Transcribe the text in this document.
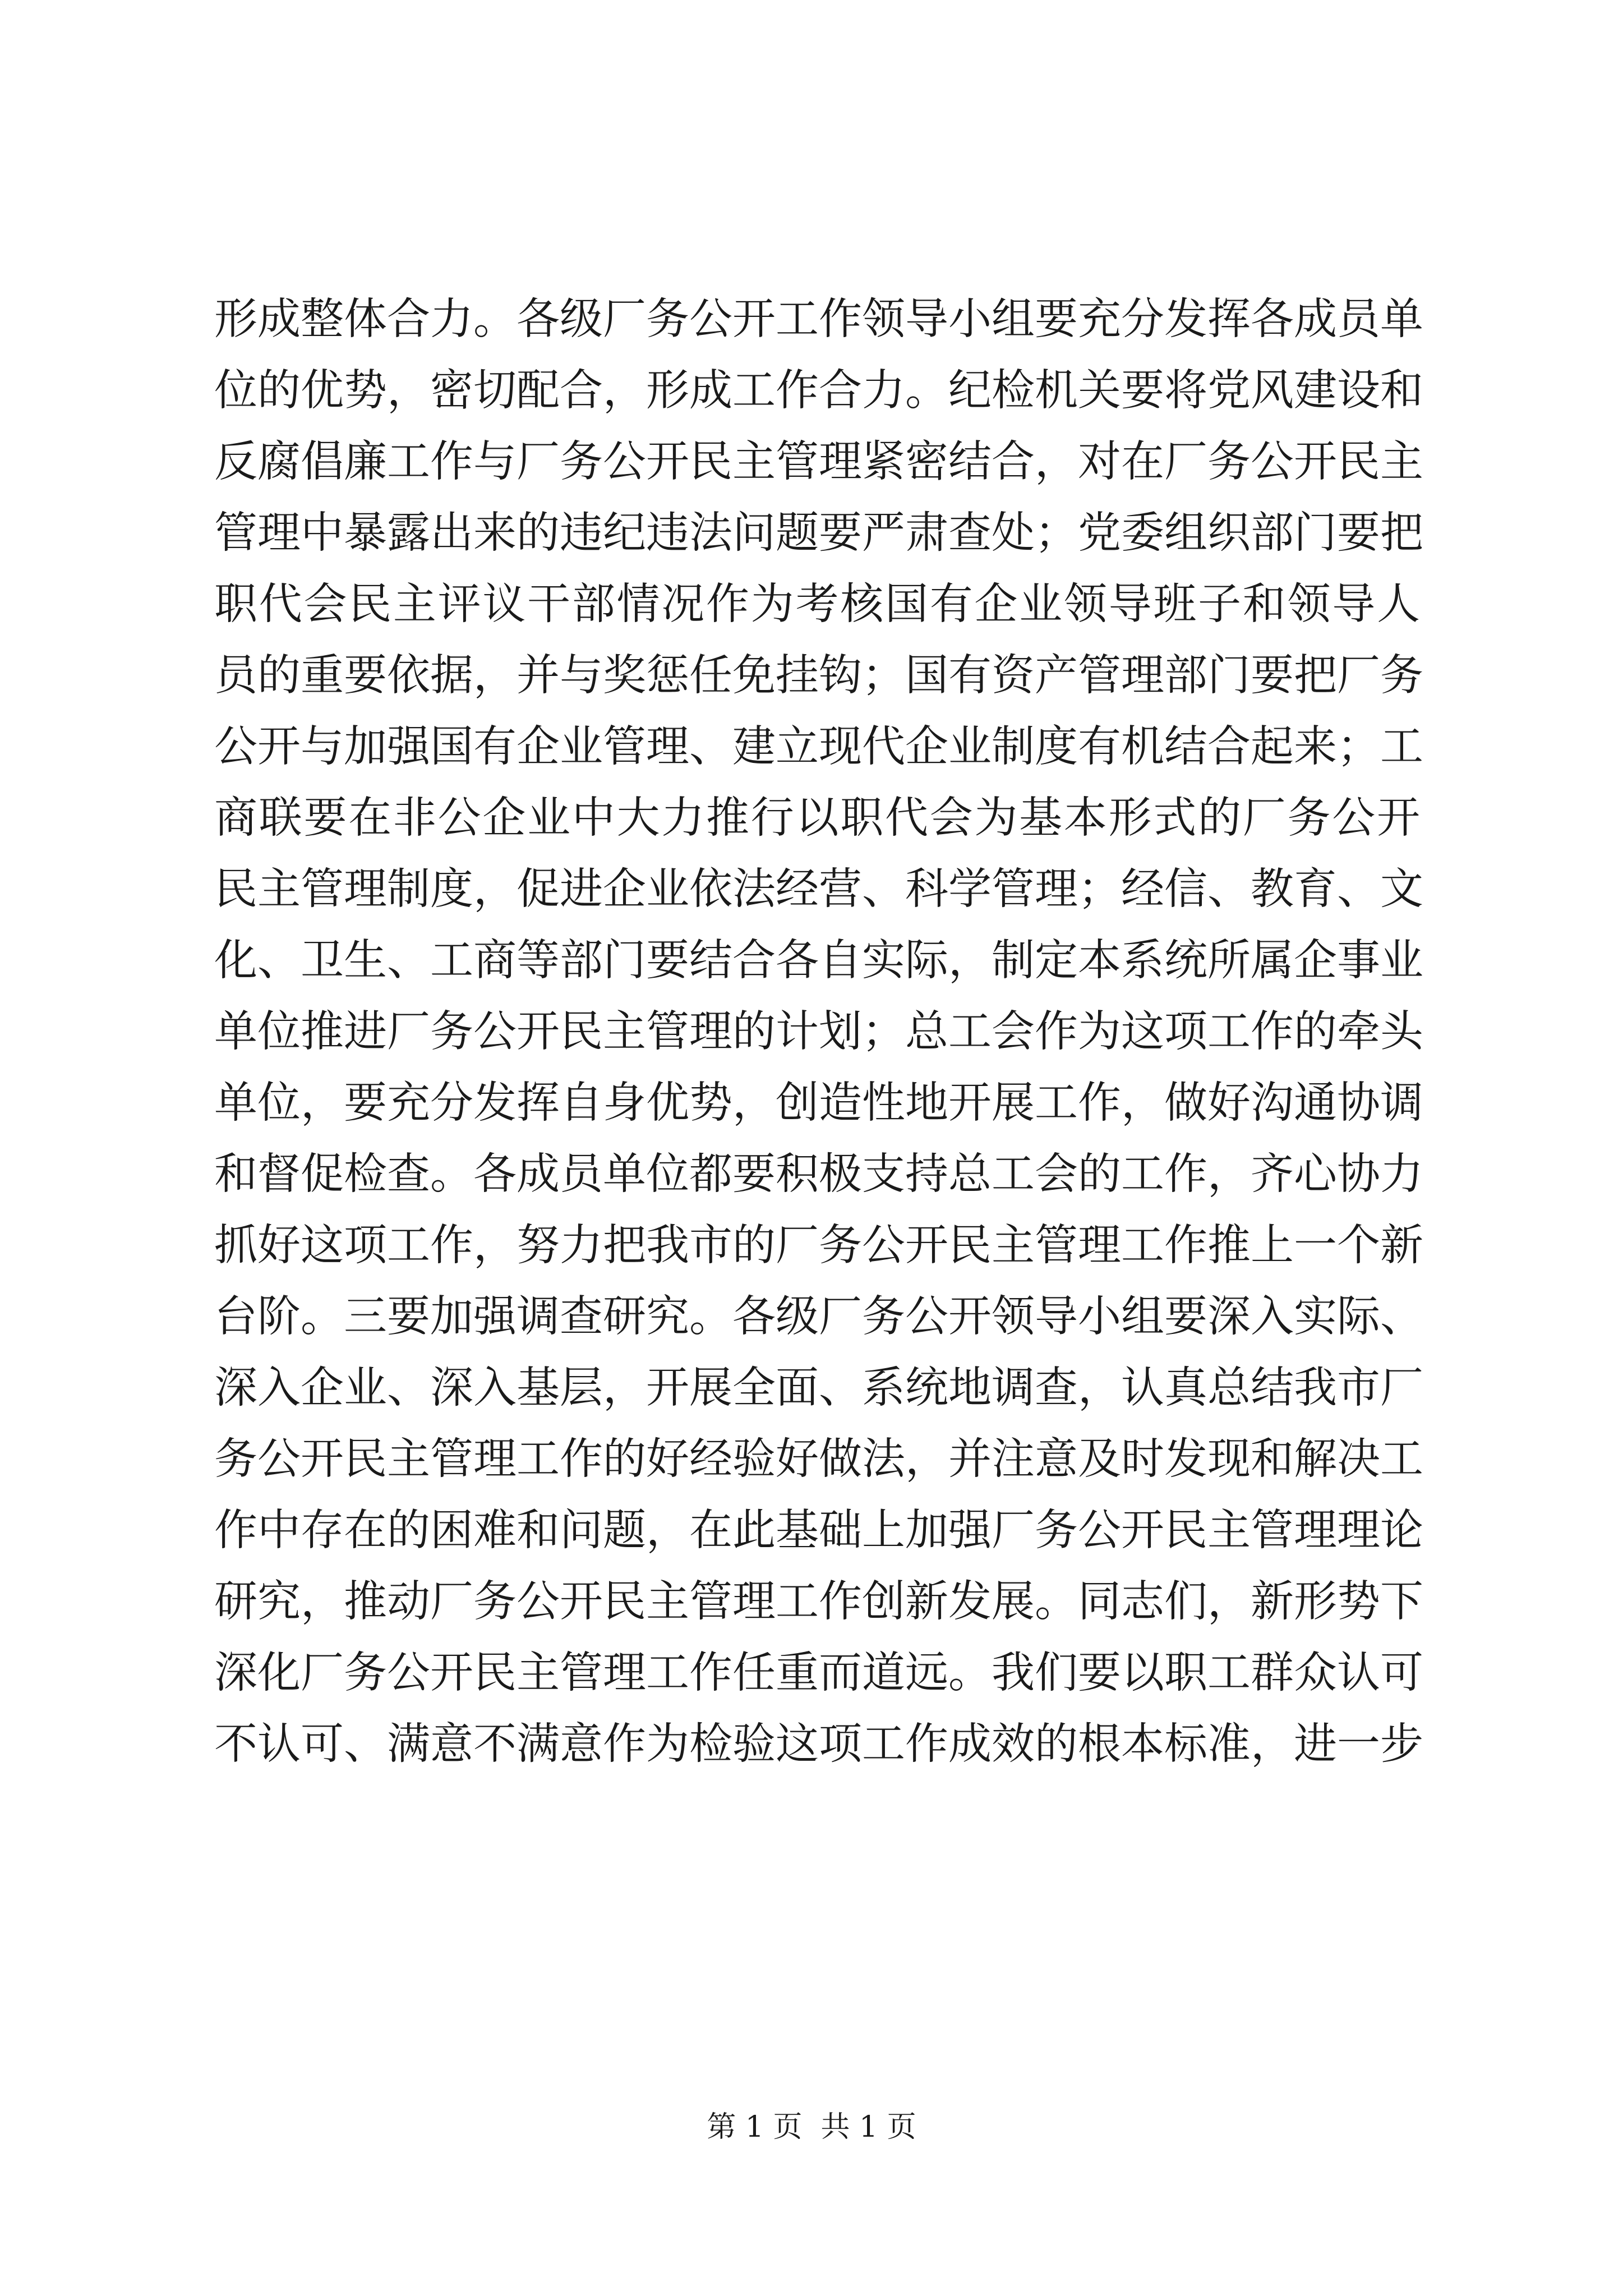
形成整体合力。各级厂务公开工作领导小组要充分发挥各成员单
位的优势，密切配合，形成工作合力。纪检机关要将党风建设和
反腐倡廉工作与厂务公开民主管理紧密结合，对在厂务公开民主
管理中暴露出来的违纪违法问题要严肃查处；党委组织部门要把
职代会民主评议干部情况作为考核国有企业领导班子和领导人
员的重要依据，并与奖惩任免挂钩；国有资产管理部门要把厂务
公开与加强国有企业管理、建立现代企业制度有机结合起来；工
商联要在非公企业中大力推行以职代会为基本形式的厂务公开
民主管理制度，促进企业依法经营、科学管理；经信、教育、文
化、卫生、工商等部门要结合各自实际，制定本系统所属企事业
单位推进厂务公开民主管理的计划；总工会作为这项工作的牵头
单位，要充分发挥自身优势，创造性地开展工作，做好沟通协调
和督促检查。各成员单位都要积极支持总工会的工作，齐心协力
抓好这项工作，努力把我市的厂务公开民主管理工作推上一个新
台阶。三要加强调查研究。各级厂务公开领导小组要深入实际、
深入企业、深入基层，开展全面、系统地调查，认真总结我市厂
务公开民主管理工作的好经验好做法，并注意及时发现和解决工
作中存在的困难和问题，在此基础上加强厂务公开民主管理理论
研究，推动厂务公开民主管理工作创新发展。同志们，新形势下
深化厂务公开民主管理工作任重而道远。我们要以职工群众认可
不认可、满意不满意作为检验这项工作成效的根本标准，进一步
第 1 页  共 1 页
